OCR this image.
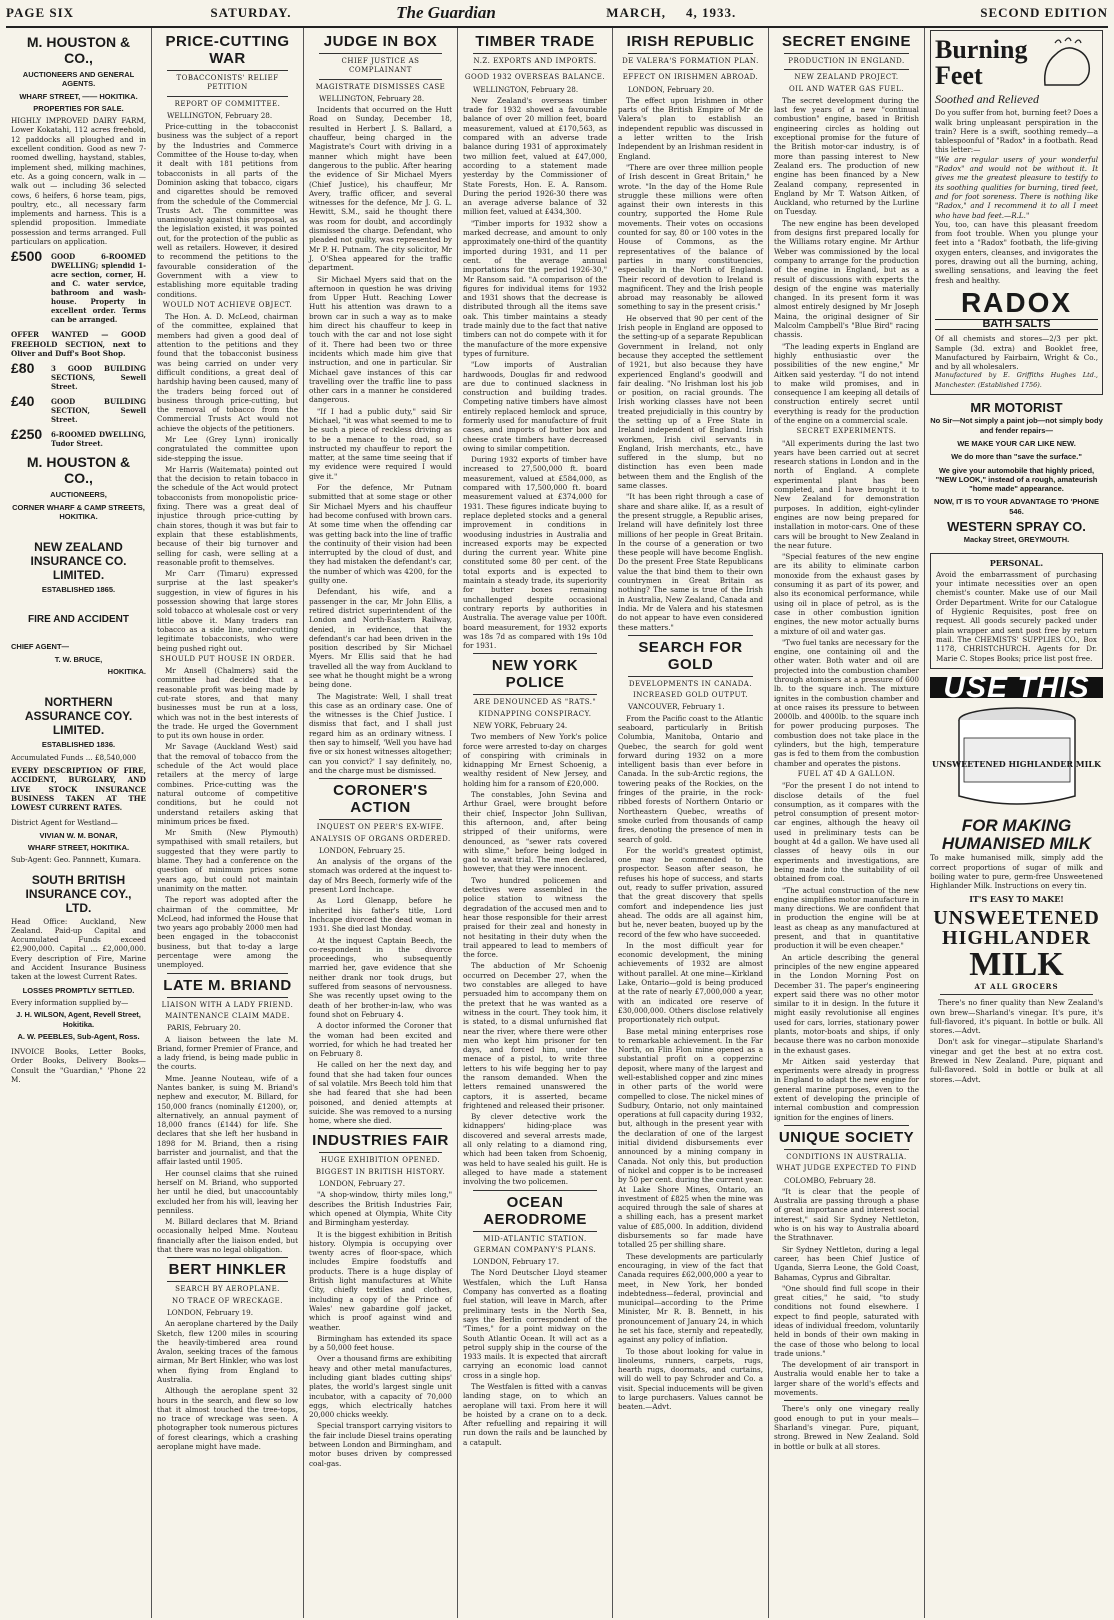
PAGE SIX	SATURDAY.	The Guardian	MARCH,	4, 1933.	SECOND EDITION
M. HOUSTON & CO.,
AUCTIONEERS AND GENERAL AGENTS.
WHARF STREET, —— HOKITIKA.
PROPERTIES FOR SALE.
HIGHLY IMPROVED DAIRY FARM, Lower Kokatahi, 112 acres freehold, 12 paddocks all ploughed and in excellent condition. Good as new 7-roomed dwelling, haystand, stables, implement shed, milking machines, etc. As a going concern, walk in — walk out — including 36 selected cows, 6 heifers, 6 horse team, pigs, poultry, etc., all necessary farm implements and harness. This is a splendid proposition. Immediate possession and terms arranged. Full particulars on application.
£500	GOOD 6-ROOMED DWELLING; splendid 1-acre section, corner, H. and C. water service, bathroom and wash-house. Property in excellent order. Terms can be arranged.
OFFER WANTED — GOOD FREEHOLD SECTION, next to Oliver and Duff's Boot Shop.
£80	3 GOOD BUILDING SECTIONS, Sewell Street.
£40	GOOD BUILDING SECTION, Sewell Street.
£250	6-ROOMED DWELLING, Tudor Street.
M. HOUSTON & CO.,
AUCTIONEERS,
CORNER WHARF & CAMP STREETS, HOKITIKA.
NEW ZEALAND INSURANCE CO. LIMITED.
ESTABLISHED 1865.
FIRE AND ACCIDENT
CHIEF AGENT—
T. W. BRUCE,
HOKITIKA.
NORTHERN ASSURANCE COY. LIMITED.
ESTABLISHED 1836.
Accumulated Funds ... £8,540,000
EVERY DESCRIPTION OF FIRE, ACCIDENT, BURGLARY, AND LIVE STOCK INSURANCE BUSINESS TAKEN AT THE LOWEST CURRENT RATES.
District Agent for Westland—
VIVIAN W. M. BONAR,
WHARF STREET, HOKITIKA.
Sub-Agent: Geo. Pannnett, Kumara.
SOUTH BRITISH INSURANCE COY., LTD.
Head Office: Auckland, New Zealand. Paid-up Capital and Accumulated Funds exceed £2,900,000. Capital ... £2,000,000. Every description of Fire, Marine and Accident Insurance Business taken at the lowest Current Rates.
LOSSES PROMPTLY SETTLED.
Every information supplied by—
J. H. WILSON, Agent, Revell Street, Hokitika.
A. W. PEEBLES, Sub-Agent, Ross.
INVOICE Books, Letter Books, Order Books, Delivery Books—Consult the "Guardian," 'Phone 22 M.
PRICE-CUTTING WAR
TOBACCONISTS' RELIEF PETITION
REPORT OF COMMITTEE.
WELLINGTON, February 28.

Price-cutting in the tobacconist business was the subject of a report by the Industries and Commerce Committee of the House to-day, when it dealt with 181 petitions from tobacconists in all parts of the Dominion asking that tobacco, cigars and cigarettes should be removed from the schedule of the Commercial Trusts Act. The committee was unanimously against this proposal, as the legislation existed, it was pointed out, for the protection of the public as well as retailers. However, it desired to recommend the petitions to the favourable consideration of the Government with a view to establishing more equitable trading conditions.

WOULD NOT ACHIEVE OBJECT.

The Hon. A. D. McLeod, chairman of the committee, explained that members had given a good deal of attention to the petitions and they found that the tobacconist business was being carried on under very difficult conditions, a great deal of hardship having been caused, many of the traders being forced out of business through price-cutting, but the removal of tobacco from the Commercial Trusts Act would not achieve the objects of the petitioners.

Mr Lee (Grey Lynn) ironically congratulated the committee upon side-stepping the issue.

Mr Harris (Waitemata) pointed out that the decision to retain tobacco in the schedule of the Act would protect tobacconists from monopolistic price-fixing. There was a great deal of injustice through price-cutting by chain stores, though it was but fair to explain that these establishments, because of their big turnover and selling for cash, were selling at a reasonable profit to themselves.

Mr Carr (Timaru) expressed surprise at the last speaker's suggestion, in view of figures in his possession showing that large stores sold tobacco at wholesale cost or very little above it. Many traders ran tobacco as a side line, under-cutting legitimate tobacconists, who were being pushed right out.

SHOULD PUT HOUSE IN ORDER.

Mr Ansell (Chalmers) said the committee had decided that a reasonable profit was being made by cut-rate stores, and that many businesses must be run at a loss, which was not in the best interests of the trade. He urged the Government to put its own house in order.

Mr Savage (Auckland West) said that the removal of tobacco from the schedule of the Act would place retailers at the mercy of large combines. Price-cutting was the natural outcome of competitive conditions, but he could not understand retailers asking that minimum prices be fixed.

Mr Smith (New Plymouth) sympathised with small retailers, but suggested that they were partly to blame. They had a conference on the question of minimum prices some years ago, but could not maintain unanimity on the matter.

The report was adopted after the chairman of the committee, Mr McLeod, had informed the House that two years ago probably 2000 men had been engaged in the tobacconist business, but that to-day a large percentage were among the unemployed.

LATE M. BRIAND
LIAISON WITH A LADY FRIEND.
MAINTENANCE CLAIM MADE.
PARIS, February 20.

A liaison between the late M. Briand, former Premier of France, and a lady friend, is being made public in the courts.

Mme. Jeanne Nouteau, wife of a Nantes banker, is suing M. Briand's nephew and executor, M. Billard, for 150,000 francs (nominally £1200), or, alternatively, an annual payment of 18,000 francs (£144) for life. She declares that she left her husband in 1898 for M. Briand, then a rising barrister and journalist, and that the affair lasted until 1905.

Her counsel claims that she ruined herself on M. Briand, who supported her until he died, but unaccountably excluded her from his will, leaving her penniless.

M. Billard declares that M. Briand occasionally helped Mme. Nouteau financially after the liaison ended, but that there was no legal obligation.

BERT HINKLER
SEARCH BY AEROPLANE.
NO TRACE OF WRECKAGE.
LONDON, February 19.

An aeroplane chartered by the Daily Sketch, flew 1200 miles in scouring the heavily-timbered area round Avalon, seeking traces of the famous airman, Mr Bert Hinkler, who was lost when flying from England to Australia.

Although the aeroplane spent 32 hours in the search, and flew so low that it almost touched the tree-tops, no trace of wreckage was seen. A photographer took numerous pictures of forest clearings, which a crashing aeroplane might have made.

JUDGE IN BOX
CHIEF JUSTICE AS COMPLAINANT
MAGISTRATE DISMISSES CASE
WELLINGTON, February 28.

Incidents that occurred on the Hutt Road on Sunday, December 18, resulted in Herbert J. S. Ballard, a chauffeur, being charged in the Magistrate's Court with driving in a manner which might have been dangerous to the public. After hearing the evidence of Sir Michael Myers (Chief Justice), his chauffeur, Mr Avery, traffic officer, and several witnesses for the defence, Mr J. G. L. Hewitt, S.M., said he thought there was room for doubt, and accordingly dismissed the charge. Defendant, who pleaded not guilty, was represented by Mr P. H. Putnam. The city solicitor, Mr J. O'Shea appeared for the traffic department.

Sir Michael Myers said that on the afternoon in question he was driving from Upper Hutt. Reaching Lower Hutt his attention was drawn to a brown car in such a way as to make him direct his chauffeur to keep in touch with the car and not lose sight of it. There had been two or three incidents which made him give that instruction, and one in particular. Sir Michael gave instances of this car travelling over the traffic line to pass other cars in a manner he considered dangerous.

"If I had a public duty," said Sir Michael, "it was what seemed to me to be such a piece of reckless driving as to be a menace to the road, so I instructed my chauffeur to report the matter, at the same time seeing that if my evidence were required I would give it."

For the defence, Mr Putnam submitted that at some stage or other Sir Michael Myers and his chauffeur had become confused with brown cars. At some time when the offending car was getting back into the line of traffic the continuity of their vision had been interrupted by the cloud of dust, and they had mistaken the defendant's car, the number of which was 4200, for the guilty one.

Defendant, his wife, and a passenger in the car, Mr John Ellis, a retired district superintendent of the London and North-Eastern Railway, denied, in evidence, that the defendant's car had been driven in the position described by Sir Michael Myers. Mr Ellis said that he had travelled all the way from Auckland to see what he thought might be a wrong being done.

The Magistrate: Well, I shall treat this case as an ordinary case. One of the witnesses is the Chief Justice. I dismiss that fact, and I shall just regard him as an ordinary witness. I then say to himself, 'Well you have had five or six honest witnesses altogether; can you convict?' I say definitely, no, and the charge must be dismissed.

CORONER'S ACTION
INQUEST ON PEER'S EX-WIFE.
ANALYSIS OF ORGANS ORDERED.
LONDON, February 25.

An analysis of the organs of the stomach was ordered at the inquest to-day of Mrs Beech, formerly wife of the present Lord Inchcape.

As Lord Glenapp, before he inherited his father's title, Lord Inchcape divorced the dead woman in 1931. She died last Monday.

At the inquest Captain Beech, the co-respondent in the divorce proceedings, who subsequently married her, gave evidence that she neither drank nor took drugs, but suffered from seasons of nervousness. She was recently upset owing to the death of her brother-in-law, who was found shot on February 4.

A doctor informed the Coroner that the woman had been excited and worried, for which he had treated her on February 8.

He called on her the next day, and found that she had taken four ounces of sal volatile. Mrs Beech told him that she had feared that she had been poisoned, and denied attempts at suicide. She was removed to a nursing home, where she died.

INDUSTRIES FAIR
HUGE EXHIBITION OPENED.
BIGGEST IN BRITISH HISTORY.
LONDON, February 27.

"A shop-window, thirty miles long," describes the British Industries Fair, which opened at Olympia, White City and Birmingham yesterday.

It is the biggest exhibition in British history. Olympia is occupying over twenty acres of floor-space, which includes Empire foodstuffs and products. There is a huge display of British light manufactures at White City, chiefly textiles and clothes, including a copy of the Prince of Wales' new gabardine golf jacket, which is proof against wind and weather.

Birmingham has extended its space by a 50,000 feet house.

Over a thousand firms are exhibiting heavy and other metal manufactures, including giant blades cutting ships' plates, the world's largest single unit incubator, with a capacity of 70,000 eggs, which electrically hatches 20,000 chicks weekly.

Special transport carrying visitors to the fair include Diesel trains operating between London and Birmingham, and motor buses driven by compressed coal-gas.

TIMBER TRADE
N.Z. EXPORTS AND IMPORTS.
GOOD 1932 OVERSEAS BALANCE.
WELLINGTON, February 28.

New Zealand's overseas timber trade for 1932 showed a favourable balance of over 20 million feet, board measurement, valued at £170,563, as compared with an adverse trade balance during 1931 of approximately two million feet, valued at £47,000, according to a statement made yesterday by the Commissioner of State Forests, Hon. E. A. Ransom. During the period 1926-30 there was an average adverse balance of 32 million feet, valued at £434,300.

"Timber imports for 1932 show a marked decrease, and amount to only approximately one-third of the quantity imported during 1931, and 11 per cent. of the average annual importations for the period 1926-30," Mr Ransom said. "A comparison of the figures for individual items for 1932 and 1931 shows that the decrease is distributed through all the items save oak. This timber maintains a steady trade mainly due to the fact that native timbers can not do compete with it for the manufacture of the more expensive types of furniture.

"Low imports of Australian hardwoods, Douglas fir and redwood are due to continued slackness in construction and building trades. Competing native timbers have almost entirely replaced hemlock and spruce, formerly used for manufacture of fruit cases, and imports of butter box and cheese crate timbers have decreased owing to similar competition.

During 1932 exports of timber have increased to 27,500,000 ft. board measurement, valued at £584,000, as compared with 17,500,000 ft. board measurement valued at £374,000 for 1931. These figures indicate buying to replace depleted stocks and a general improvement in conditions in woodusing industries in Australia and increased exports may be expected during the current year. White pine constituted some 80 per cent. of the total exports and is expected to maintain a steady trade, its superiority for butter boxes remaining unchallenged despite occasional contrary reports by authorities in Australia. The average value per 100ft. board measurement, for 1932 exports was 18s 7d as compared with 19s 10d for 1931.

NEW YORK POLICE
ARE DENOUNCED AS "RATS."
KIDNAPPING CONSPIRACY.
NEW YORK, February 24.

Two members of New York's police force were arrested to-day on charges of conspiring with criminals in kidnapping Mr Ernest Schoenig, a wealthy resident of New Jersey, and holding him for a ransom of £20,000.

The constables, John Sevina and Arthur Grael, were brought before their chief, Inspector John Sullivan, this afternoon, and, after being stripped of their uniforms, were denounced, as "sewer rats covered with slime," before being lodged in gaol to await trial. The men declared, however, that they were innocent.

Two hundred policemen and detectives were assembled in the police station to witness the degradation of the accused men and to hear those responsible for their arrest praised for their zeal and honesty in not hesitating in their duty when the trail appeared to lead to members of the force.

The abduction of Mr Schoenig occurred on December 27, when the two constables are alleged to have persuaded him to accompany them on the pretext that he was wanted as a witness in the court. They took him, it is stated, to a dismal unfurnished flat near the river, where there were other men who kept him prisoner for ten days, and forced him, under the menace of a pistol, to write three letters to his wife begging her to pay the ransom demanded. When the letters remained unanswered the captors, it is asserted, became frightened and released their prisoner.

By clever detective work the kidnappers' hiding-place was discovered and several arrests made, all only relating to a diamond ring, which had been taken from Schoenig, was held to have sealed his guilt. He is alleged to have made a statement involving the two policemen.

OCEAN AERODROME
MID-ATLANTIC STATION.
GERMAN COMPANY'S PLANS.
LONDON, February 17.

The Nord Deutscher Lloyd steamer Westfalen, which the Luft Hansa Company has converted as a floating fuel station, will leave in March, after preliminary tests in the North Sea, says the Berlin correspondent of the "Times," for a point midway on the South Atlantic Ocean. It will act as a petrol supply ship in the course of the 1933 mails. It is expected that aircraft carrying an economic load cannot cross in a single hop.

The Westfalen is fitted with a canvas landing stage, on to which an aeroplane will taxi. From here it will be hoisted by a crane on to a deck. After refuelling and repairing it will run down the rails and be launched by a catapult.

IRISH REPUBLIC
DE VALERA'S FORMATION PLAN.
EFFECT ON IRISHMEN ABROAD.
LONDON, February 20.

The effect upon Irishmen in other parts of the British Empire of Mr de Valera's plan to establish an independent republic was discussed in a letter written to the Irish Independent by an Irishman resident in England.

"There are over three million people of Irish descent in Great Britain," he wrote. "In the day of the Home Rule struggle these millions were often against their own interests in this country, supported the Home Rule movements. Their votes on occasions counted for say, 80 or 100 votes in the House of Commons, as the representatives of the balance of parties in many constituencies, especially in the North of England. Their record of devotion to Ireland is magnificent. They and the Irish people abroad may reasonably be allowed something to say in the present crisis."

He observed that 90 per cent of the Irish people in England are opposed to the setting-up of a separate Republican Government in Ireland, not only because they accepted the settlement of 1921, but also because they have experienced England's goodwill and fair dealing. "No Irishman lost his job or position, on racial grounds. The Irish working classes have not been treated prejudicially in this country by the setting up of a Free State in Ireland independent of England. Irish workmen, Irish civil servants in England, Irish merchants, etc., have suffered in the slump, but no distinction has even been made between them and the English of the same classes.

"It has been right through a case of share and share alike. If, as a result of the present struggle, a Republic arises, Ireland will have definitely lost three millions of her people in Great Britain. In the course of a generation or two these people will have become English. Do the present Free State Republicans value the that bind them to their own countrymen in Great Britain as nothing? The same is true of the Irish in Australia, New Zealand, Canada and India. Mr de Valera and his statesmen do not appear to have even considered these matters."

SEARCH FOR GOLD
DEVELOPMENTS IN CANADA.
INCREASED GOLD OUTPUT.
VANCOUVER, February 1.

From the Pacific coast to the Atlantic seaboard, particularly in British Columbia, Manitoba, Ontario and Quebec, the search for gold went forward during 1932 on a more intelligent basis than ever before in Canada. In the sub-Arctic regions, the towering peaks of the Rockies, on the fringes of the prairie, in the rock-ribbed forests of Northern Ontario or Northeastern Quebec, wreaths of smoke curled from thousands of camp fires, denoting the presence of men in search of gold.

For the world's greatest optimist, one may be commended to the prospector. Season after season, he refuses his hope of success, and starts out, ready to suffer privation, assured that the great discovery that spells comfort and independence lies just ahead. The odds are all against him, but he, never beaten, buoyed up by the record of the few who have succeeded.

In the most difficult year for economic development, the mining achievements of 1932 are almost without parallel. At one mine—Kirkland Lake, Ontario—gold is being produced at the rate of nearly £7,000,000 a year, with an indicated ore reserve of £30,000,000. Others disclose relatively proportionately rich output.

Base metal mining enterprises rose to remarkable achievement. In the Far North, on Flin Flon mine opened as a substantial profit on a copperzinc deposit, where many of the largest and well-established copper and zinc mines in other parts of the world were compelled to close. The nickel mines of Sudbury, Ontario, not only maintained operations at full capacity during 1932, but, although in the present year with the declaration of one of the largest initial dividend disbursements ever announced by a mining company in Canada. Not only this, but production of nickel and copper is to be increased by 50 per cent. during the current year. At Lake Shore Mines, Ontario, an investment of £825 when the mine was acquired through the sale of shares at a shilling each, has a present market value of £85,000. In addition, dividend disbursements so far made have totalled 25 per shilling share.

These developments are particularly encouraging, in view of the fact that Canada requires £62,000,000 a year to meet, in New York, her bonded indebtedness—federal, provincial and municipal—according to the Prime Minister, Mr R. B. Bennett, in his pronouncement of January 24, in which he set his face, sternly and repeatedly, against any policy of inflation.

To those about looking for value in linoleums, runners, carpets, rugs, hearth rugs, doormats, and curtains, will do well to pay Schroder and Co. a visit. Special inducements will be given to large purchasers. Values cannot be beaten.—Advt.

SECRET ENGINE
PRODUCTION IN ENGLAND.
NEW ZEALAND PROJECT.
OIL AND WATER GAS FUEL.

The secret development during the last few years of a new "continual combustion" engine, based in British engineering circles as holding out exceptional promise for the future of the British motor-car industry, is of more than passing interest to New Zealand ers. The production of new engine has been financed by a New Zealand company, represented in England by Mr T. Watson Aitken, of Auckland, who returned by the Lurline on Tuesday.

The new engine has been developed from designs first prepared locally for the Williams rotary engine. Mr Arthur Weber was commissioned by the local company to arrange for the production of the engine in England, but as a result of discussions with experts the design of the engine was materially changed. In its present form it was almost entirely designed by Mr Joseph Maina, the original designer of Sir Malcolm Campbell's "Blue Bird" racing chassis.

"The leading experts in England are highly enthusiastic over the possibilities of the new engine," Mr Aitken said yesterday. "I do not intend to make wild promises, and in consequence I am keeping all details of construction entirely secret until everything is ready for the production of the engine on a commercial scale.

SECRET EXPERIMENTS.

"All experiments during the last two years have been carried out at secret research stations in London and in the north of England. A complete experimental plant has been completed, and I have brought it to New Zealand for demonstration purposes. In addition, eight-cylinder engines are now being prepared for installation in motor-cars. One of these cars will be brought to New Zealand in the near future.

"Special features of the new engine are its ability to eliminate carbon monoxide from the exhaust gases by consuming it as part of its power, and also its economical performance, while using oil in place of petrol, as is the case in other combustion ignition engines, the new motor actually burns a mixture of oil and water gas.

"Two fuel tanks are necessary for the engine, one containing oil and the other water. Both water and oil are projected into the combustion chamber through atomisers at a pressure of 600 lb. to the square inch. The mixture ignites in the combustion chamber and at once raises its pressure to between 2000lb. and 4000lb. to the square inch for power producing purposes. The combustion does not take place in the cylinders, but the high, temperature gas is fed to them from the combustion chamber and operates the pistons.

FUEL AT 4D A GALLON.

"For the present I do not intend to disclose details of the fuel consumption, as it compares with the petrol consumption of present motor-car engines, although the heavy oil used in preliminary tests can be bought at 4d a gallon. We have used all classes of heavy oils in our experiments and investigations, are being made into the suitability of oil obtained from coal.

"The actual construction of the new engine simplifies motor manufacture in many directions. We are confident that in production the engine will be at least as cheap as any manufactured at present, and that in quantitative production it will be even cheaper."

An article describing the general principles of the new engine appeared in the London Morning Post on December 31. The paper's engineering expert said there was no other motor similar to it in design. In the future it might easily revolutionise all engines used for cars, lorries, stationary power plants, motor-boats and ships, if only because there was no carbon monoxide in the exhaust gases.

Mr Aitken said yesterday that experiments were already in progress in England to adapt the new engine for general marine purposes, even to the extent of developing the principle of internal combustion and compression ignition for the engines of liners.

UNIQUE SOCIETY
CONDITIONS IN AUSTRALIA.
WHAT JUDGE EXPECTED TO FIND
COLOMBO, February 28.

"It is clear that the people of Australia are passing through a phase of great importance and interest social interest," said Sir Sydney Nettleton, who is on his way to Australia aboard the Strathnaver.

Sir Sydney Nettleton, during a legal career, has been Chief Justice of Uganda, Sierra Leone, the Gold Coast, Bahamas, Cyprus and Gibraltar.

"One should find full scope in their great cities," he said, "to study conditions not found elsewhere. I expect to find people, saturated with ideas of individual freedom, voluntarily held in bonds of their own making in the case of those who belong to local trade unions."

The development of air transport in Australia would enable her to take a larger share of the world's effects and movements.

There's only one vinegary really good enough to put in your meals—Sharland's vinegar. Pure, piquant, strong. Brewed in New Zealand. Sold in bottle or bulk at all stores.

Burning Feet
Soothed and Relieved
Do you suffer from hot, burning feet? Does a walk bring unpleasant perspiration in the train? Here is a swift, soothing remedy—a tablespoonful of "Radox" in a footbath. Read this letter:—
"We are regular users of your wonderful "Radox" and would not be without it. It gives me the greatest pleasure to testify to its soothing qualities for burning, tired feet, and for foot soreness. There is nothing like "Radox," and I recommend it to all I meet who have bad feet.—R.L."
You, too, can have this pleasant freedom from foot trouble. When you plunge your feet into a "Radox" footbath, the life-giving oxygen enters, cleanses, and invigorates the pores, drawing out all the burning, aching, swelling sensations, and leaving the feet fresh and healthy.
RADOX
BATH SALTS
Of all chemists and stores—2/3 per pkt. Sample (3d. extra) and Booklet free, Manufactured by Fairbairn, Wright & Co., and by all wholesalers.
Manufactured by E. Griffiths Hughes Ltd., Manchester. (Established 1756).
MR MOTORIST
No Sir—Not simply a paint job—not simply body and fender repairs—
WE MAKE YOUR CAR LIKE NEW.
We do more than "save the surface."
We give your automobile that highly priced, "NEW LOOK," instead of a rough, amateurish "home made" appearance.
NOW, IT IS TO YOUR ADVANTAGE TO 'PHONE 546.
WESTERN SPRAY CO.
Mackay Street, GREYMOUTH.
PERSONAL.
Avoid the embarrassment of purchasing your intimate necessities over an open chemist's counter. Make use of our Mail Order Department. Write for our Catalogue of Hygienic Requisites, post free on request. All goods securely packed under plain wrapper and sent post free by return mail. The CHEMISTS' SUPPLIES CO., Box 1178, CHRISTCHURCH. Agents for Dr. Marie C. Stopes Books; price list post free.
USE THIS
UNSWEETENED HIGHLANDER MILK
FOR MAKING HUMANISED MILK
To make humanised milk, simply add the correct proportions of sugar of milk and boiling water to pure, germ-free Unsweetened Highlander Milk. Instructions on every tin.
IT'S EASY TO MAKE!
UNSWEETENED
HIGHLANDER
MILK
AT ALL GROCERS

There's no finer quality than New Zealand's own brew—Sharland's vinegar. It's pure, it's full-flavored, it's piquant. In bottle or bulk. All stores.—Advt.

Don't ask for vinegar—stipulate Sharland's vinegar and get the best at no extra cost. Brewed in New Zealand. Pure, piquant and full-flavored. Sold in bottle or bulk at all stores.—Advt.
